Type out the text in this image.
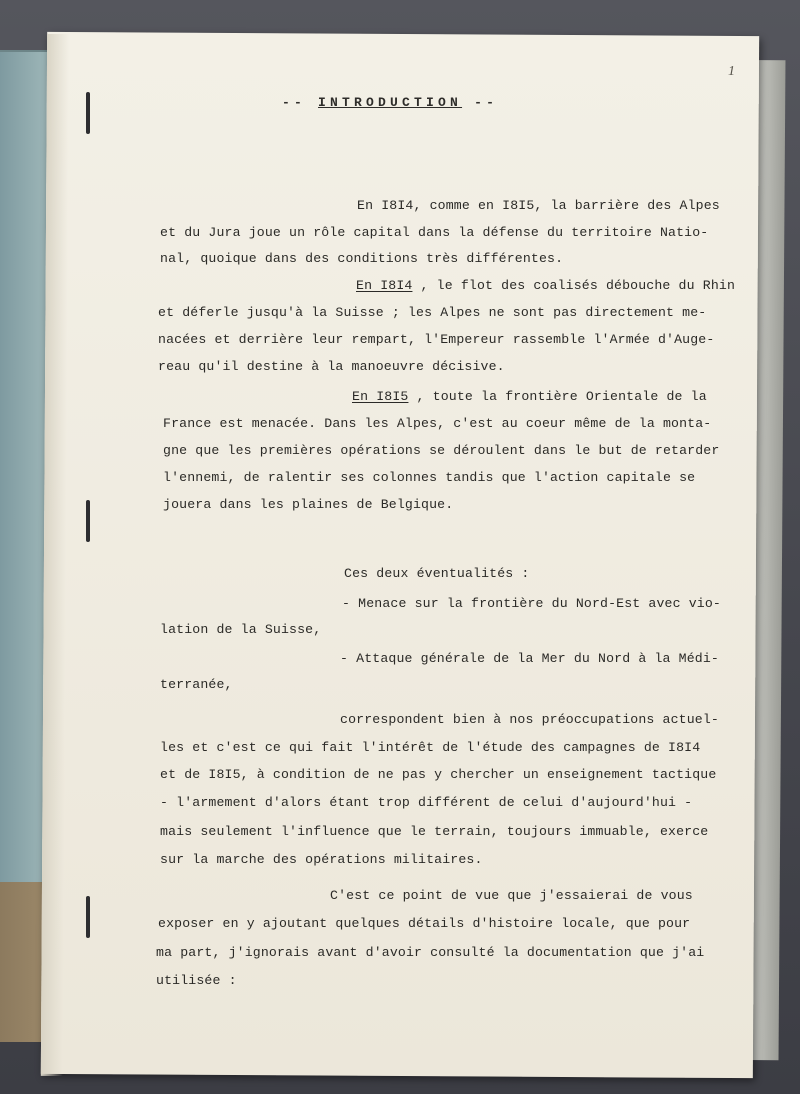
1
-- INTRODUCTION --
En I8I4, comme en I8I5, la barrière des Alpes
et du Jura joue un rôle capital dans la défense du territoire Natio-
nal, quoique dans des conditions très différentes.
En I8I4 , le flot des coalisés débouche du Rhin
et déferle jusqu'à la Suisse ; les Alpes ne sont pas directement me-
nacées et derrière leur rempart, l'Empereur rassemble l'Armée d'Auge-
reau qu'il destine à la manoeuvre décisive.
En I8I5 , toute la frontière Orientale de la
France est menacée. Dans les Alpes, c'est au coeur même de la monta-
gne que les premières opérations se déroulent dans le but de retarder
l'ennemi, de ralentir ses colonnes tandis que l'action capitale se
jouera dans les plaines de Belgique.
Ces deux éventualités :
- Menace sur la frontière du Nord-Est avec vio-
lation de la Suisse,
- Attaque générale de la Mer du Nord à la Médi-
terranée,
correspondent bien à nos préoccupations actuel-
les et c'est ce qui fait l'intérêt de l'étude des campagnes de I8I4
et de I8I5, à condition de ne pas y chercher un enseignement tactique
- l'armement d'alors étant trop différent de celui d'aujourd'hui -
mais seulement l'influence que le terrain, toujours immuable, exerce
sur la marche des opérations militaires.
C'est ce point de vue que j'essaierai de vous
exposer en y ajoutant quelques détails d'histoire locale, que pour
ma part, j'ignorais avant d'avoir consulté la documentation que j'ai
utilisée :
